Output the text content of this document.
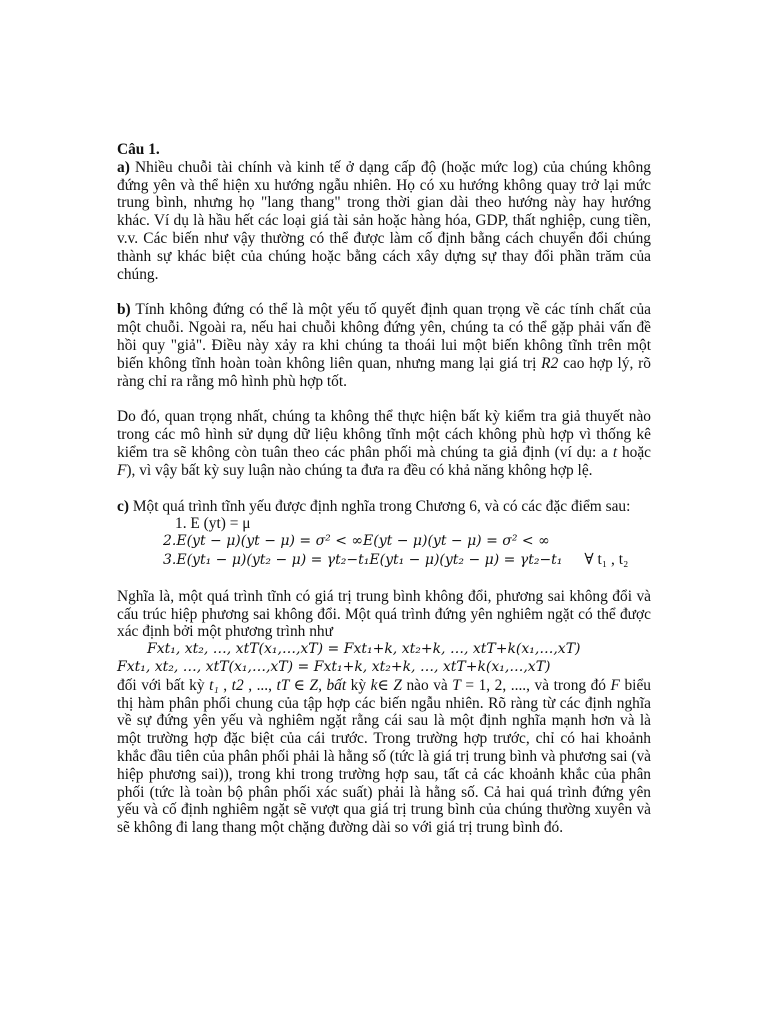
Câu 1.

a) Nhiều chuỗi tài chính và kinh tế ở dạng cấp độ (hoặc mức log) của chúng không đứng yên và thể hiện xu hướng ngẫu nhiên. Họ có xu hướng không quay trở lại mức trung bình, nhưng họ "lang thang" trong thời gian dài theo hướng này hay hướng khác. Ví dụ là hầu hết các loại giá tài sản hoặc hàng hóa, GDP, thất nghiệp, cung tiền, v.v. Các biến như vậy thường có thể được làm cố định bằng cách chuyển đổi chúng thành sự khác biệt của chúng hoặc bằng cách xây dựng sự thay đổi phần trăm của chúng.

b) Tính không đứng có thể là một yếu tố quyết định quan trọng về các tính chất của một chuỗi. Ngoài ra, nếu hai chuỗi không đứng yên, chúng ta có thể gặp phải vấn đề hồi quy "giả". Điều này xảy ra khi chúng ta thoái lui một biến không tĩnh trên một biến không tĩnh hoàn toàn không liên quan, nhưng mang lại giá trị R2 cao hợp lý, rõ ràng chỉ ra rằng mô hình phù hợp tốt.

Do đó, quan trọng nhất, chúng ta không thể thực hiện bất kỳ kiểm tra giả thuyết nào trong các mô hình sử dụng dữ liệu không tĩnh một cách không phù hợp vì thống kê kiểm tra sẽ không còn tuân theo các phân phối mà chúng ta giả định (ví dụ: a t hoặc F), vì vậy bất kỳ suy luận nào chúng ta đưa ra đều có khả năng không hợp lệ.

c) Một quá trình tĩnh yếu được định nghĩa trong Chương 6, và có các đặc điểm sau:

1. E (yt) = μ

2.E(yt − μ)(yt − μ) = σ² < ∞E(yt − μ)(yt − μ) = σ² < ∞

3.E(yt₁ − μ)(yt₂ − μ) = γt₂−t₁E(yt₁ − μ)(yt₂ − μ) = γt₂−t₁ ∀ t₁ , t₂

Nghĩa là, một quá trình tĩnh có giá trị trung bình không đổi, phương sai không đổi và cấu trúc hiệp phương sai không đổi. Một quá trình đứng yên nghiêm ngặt có thể được xác định bởi một phương trình như

Fxt₁, xt₂, …, xtT(x₁,…,xT) = Fxt₁+k, xt₂+k, …, xtT+k(x₁,…,xT)

Fxt₁, xt₂, …, xtT(x₁,…,xT) = Fxt₁+k, xt₂+k, …, xtT+k(x₁,…,xT)

đối với bất kỳ t₁ , t2 , ..., tT ∈ Z, bất kỳ k∈ Z nào và T = 1, 2, ...., và trong đó F biểu thị hàm phân phối chung của tập hợp các biến ngẫu nhiên. Rõ ràng từ các định nghĩa về sự đứng yên yếu và nghiêm ngặt rằng cái sau là một định nghĩa mạnh hơn và là một trường hợp đặc biệt của cái trước. Trong trường hợp trước, chỉ có hai khoảnh khắc đầu tiên của phân phối phải là hằng số (tức là giá trị trung bình và phương sai (và hiệp phương sai)), trong khi trong trường hợp sau, tất cả các khoảnh khắc của phân phối (tức là toàn bộ phân phối xác suất) phải là hằng số. Cả hai quá trình đứng yên yếu và cố định nghiêm ngặt sẽ vượt qua giá trị trung bình của chúng thường xuyên và sẽ không đi lang thang một chặng đường dài so với giá trị trung bình đó.
